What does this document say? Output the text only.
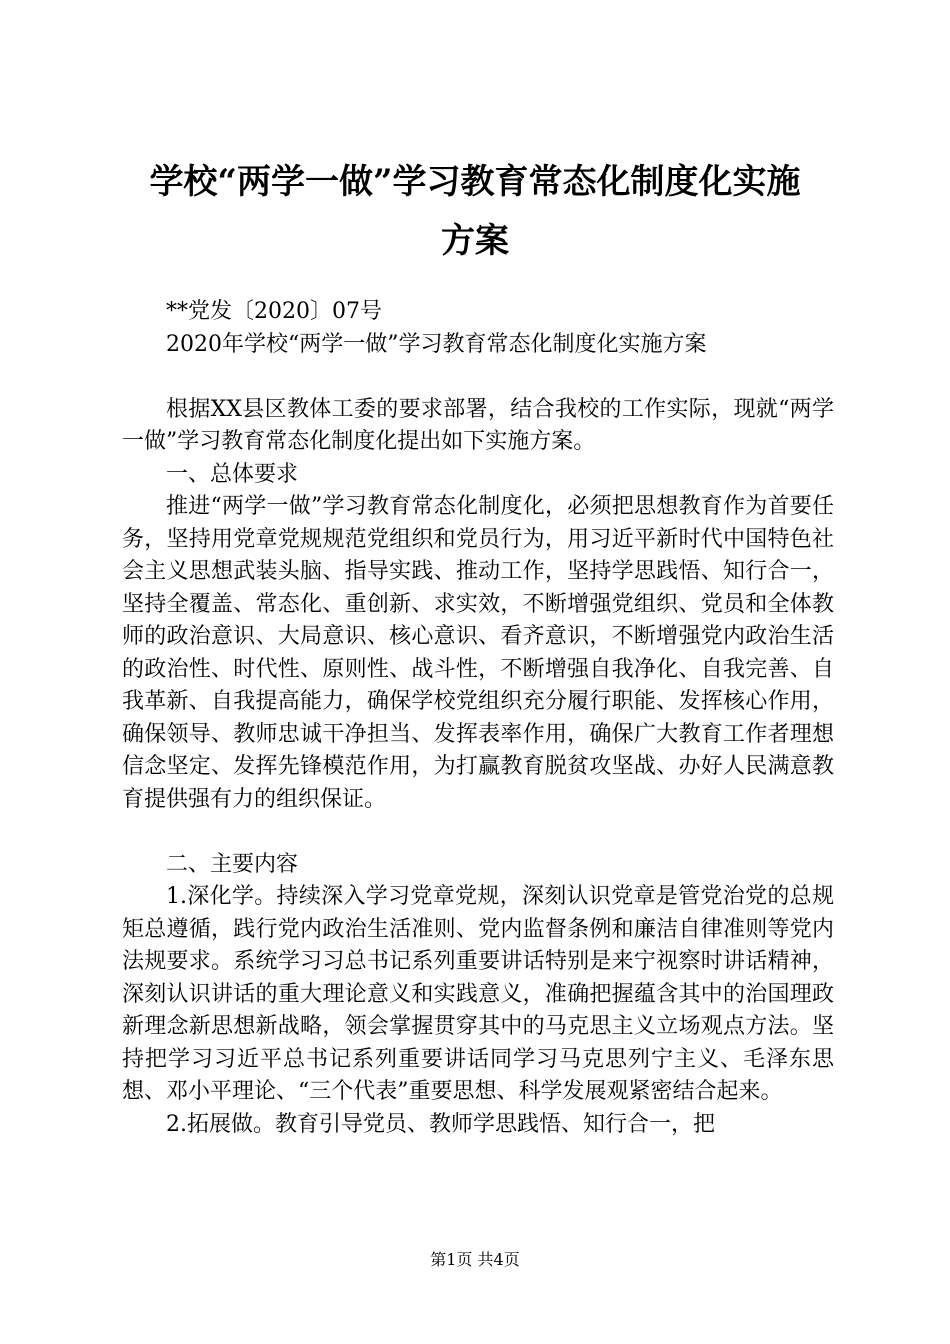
学校“两学一做”学习教育常态化制度化实施
方案

**党发〔2020〕07号

2020年学校“两学一做”学习教育常态化制度化实施方案

根据XX县区教体工委的要求部署，结合我校的工作实际，现就“两学一做”学习教育常态化制度化提出如下实施方案。

一、总体要求

推进“两学一做”学习教育常态化制度化，必须把思想教育作为首要任务，坚持用党章党规规范党组织和党员行为，用习近平新时代中国特色社会主义思想武装头脑、指导实践、推动工作，坚持学思践悟、知行合一，坚持全覆盖、常态化、重创新、求实效，不断增强党组织、党员和全体教师的政治意识、大局意识、核心意识、看齐意识，不断增强党内政治生活的政治性、时代性、原则性、战斗性，不断增强自我净化、自我完善、自我革新、自我提高能力，确保学校党组织充分履行职能、发挥核心作用，确保领导、教师忠诚干净担当、发挥表率作用，确保广大教育工作者理想信念坚定、发挥先锋模范作用，为打赢教育脱贫攻坚战、办好人民满意教育提供强有力的组织保证。

二、主要内容

1.深化学。持续深入学习党章党规，深刻认识党章是管党治党的总规矩总遵循，践行党内政治生活准则、党内监督条例和廉洁自律准则等党内法规要求。系统学习习总书记系列重要讲话特别是来宁视察时讲话精神，深刻认识讲话的重大理论意义和实践意义，准确把握蕴含其中的治国理政新理念新思想新战略，领会掌握贯穿其中的马克思主义立场观点方法。坚持把学习习近平总书记系列重要讲话同学习马克思列宁主义、毛泽东思想、邓小平理论、“三个代表”重要思想、科学发展观紧密结合起来。

2.拓展做。教育引导党员、教师学思践悟、知行合一，把

第1页 共4页
